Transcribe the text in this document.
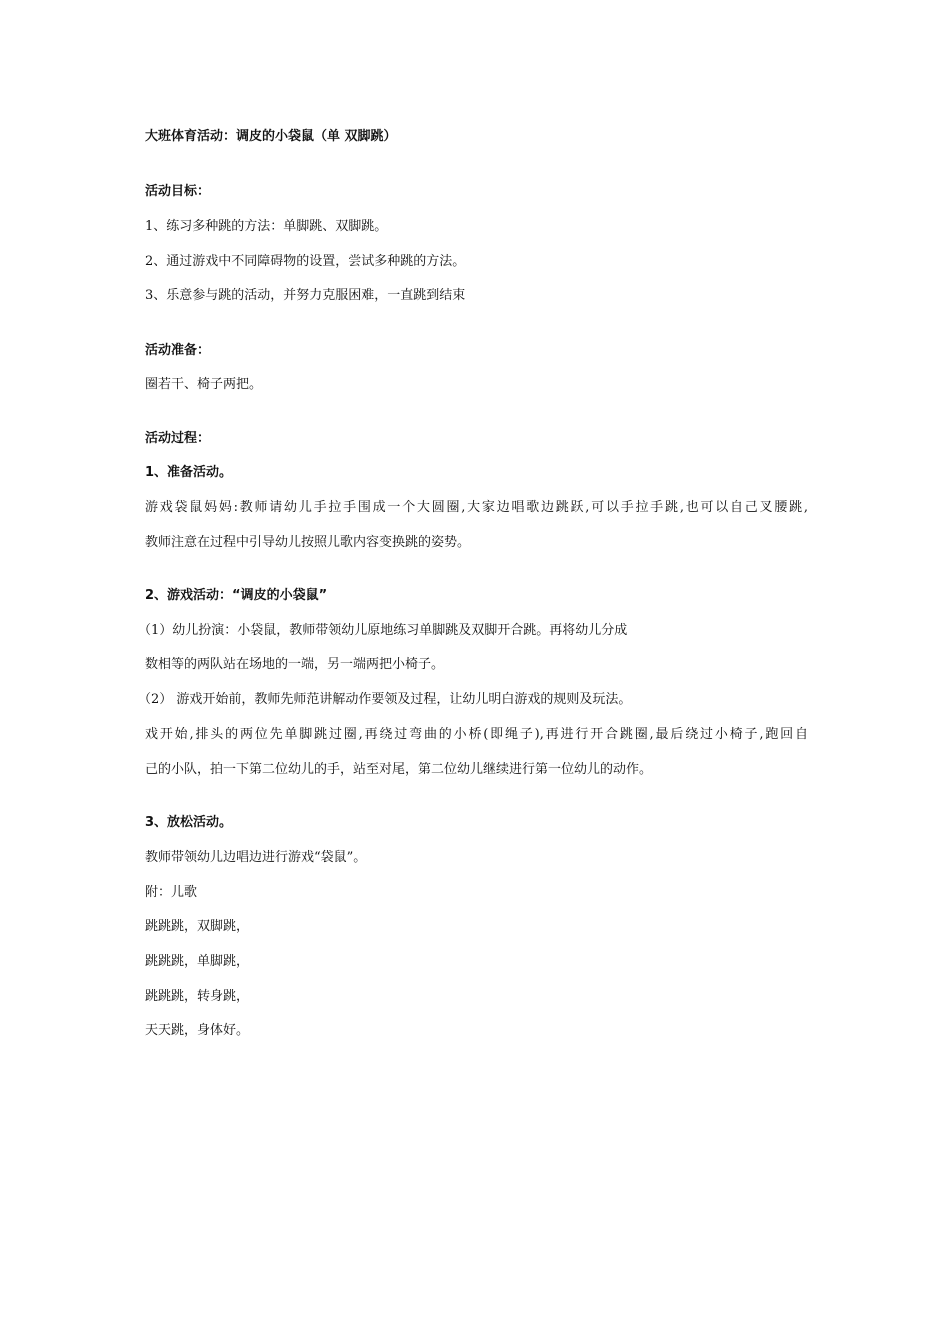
大班体育活动：调皮的小袋鼠（单 双脚跳）

活动目标：

1、练习多种跳的方法：单脚跳、双脚跳。

2、通过游戏中不同障碍物的设置，尝试多种跳的方法。

3、乐意参与跳的活动，并努力克服困难，一直跳到结束

活动准备：

圈若干、椅子两把。

活动过程：

1、准备活动。

游戏袋鼠妈妈:教师请幼儿手拉手围成一个大圆圈,大家边唱歌边跳跃,可以手拉手跳,也可以自己叉腰跳,

教师注意在过程中引导幼儿按照儿歌内容变换跳的姿势。

2、游戏活动：“调皮的小袋鼠”

（1）幼儿扮演：小袋鼠，教师带领幼儿原地练习单脚跳及双脚开合跳。再将幼儿分成

数相等的两队站在场地的一端，另一端两把小椅子。

（2） 游戏开始前，教师先师范讲解动作要领及过程，让幼儿明白游戏的规则及玩法。

戏开始,排头的两位先单脚跳过圈,再绕过弯曲的小桥(即绳子),再进行开合跳圈,最后绕过小椅子,跑回自

己的小队，拍一下第二位幼儿的手，站至对尾，第二位幼儿继续进行第一位幼儿的动作。

3、放松活动。

教师带领幼儿边唱边进行游戏“袋鼠”。

附：儿歌

跳跳跳，双脚跳，

跳跳跳，单脚跳，

跳跳跳，转身跳，

天天跳，身体好。
